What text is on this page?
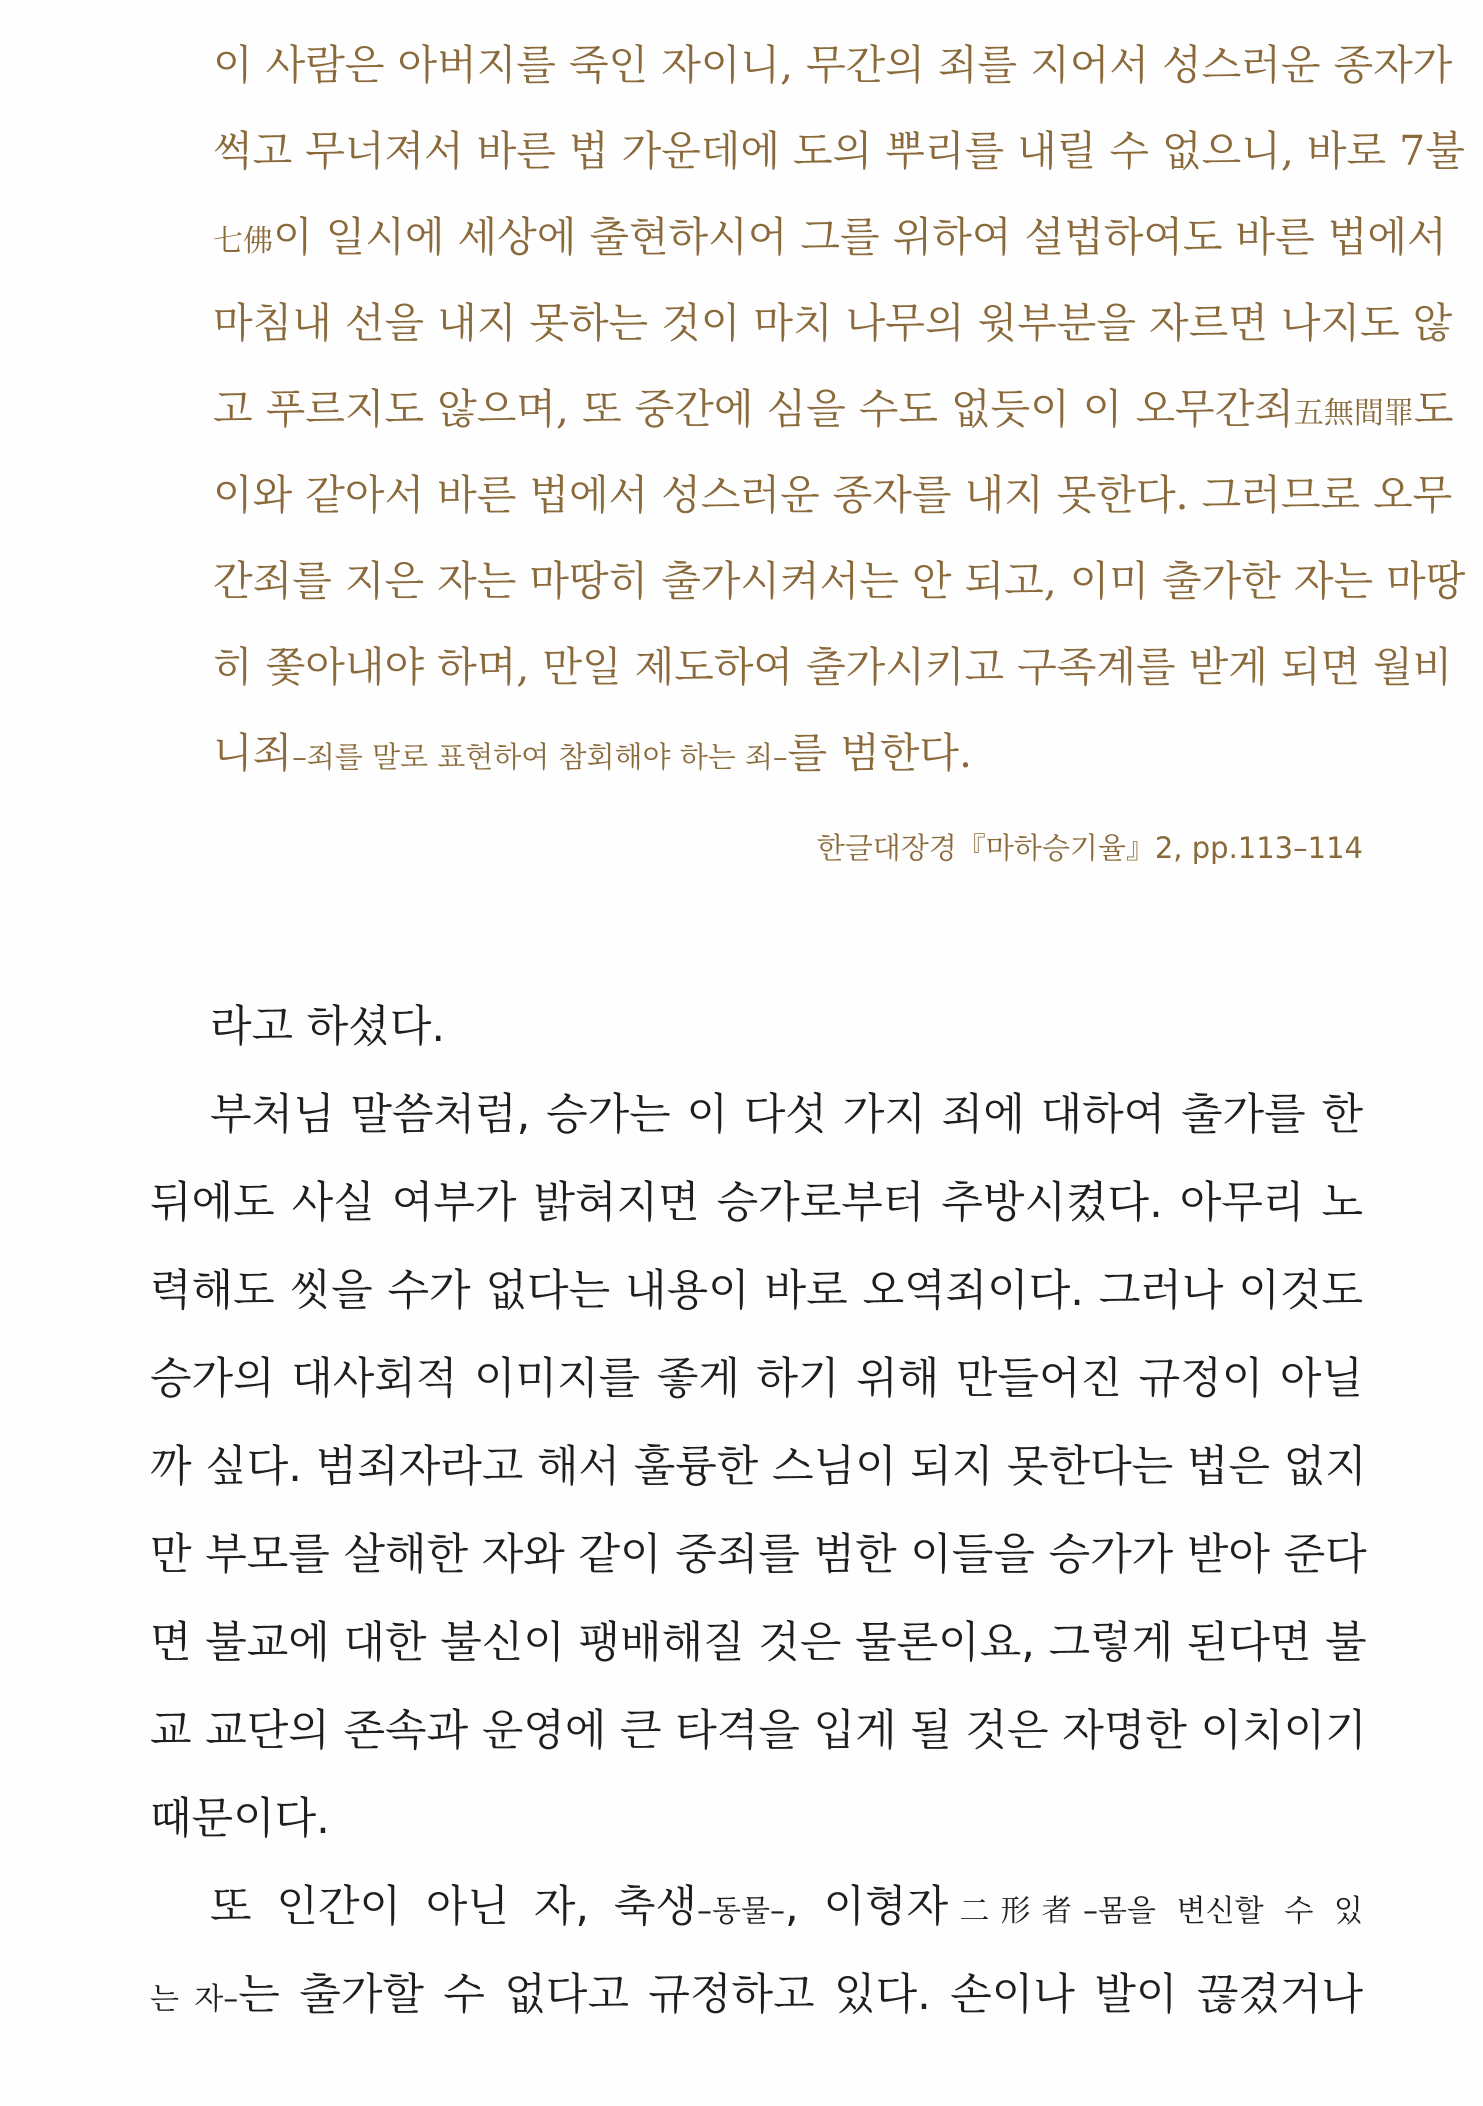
이 사람은 아버지를 죽인 자이니, 무간의 죄를 지어서 성스러운 종자가
썩고 무너져서 바른 법 가운데에 도의 뿌리를 내릴 수 없으니, 바로 7불
七佛이 일시에 세상에 출현하시어 그를 위하여 설법하여도 바른 법에서
마침내 선을 내지 못하는 것이 마치 나무의 윗부분을 자르면 나지도 않
고 푸르지도 않으며, 또 중간에 심을 수도 없듯이 이 오무간죄五無間罪도
이와 같아서 바른 법에서 성스러운 종자를 내지 못한다. 그러므로 오무
간죄를 지은 자는 마땅히 출가시켜서는 안 되고, 이미 출가한 자는 마땅
히 쫓아내야 하며, 만일 제도하여 출가시키고 구족계를 받게 되면 월비
니죄–죄를 말로 표현하여 참회해야 하는 죄–를 범한다.
한글대장경『마하승기율』2, pp.113–114
라고 하셨다.
부처님 말씀처럼, 승가는 이 다섯 가지 죄에 대하여 출가를 한
뒤에도 사실 여부가 밝혀지면 승가로부터 추방시켰다. 아무리 노
력해도 씻을 수가 없다는 내용이 바로 오역죄이다. 그러나 이것도
승가의 대사회적 이미지를 좋게 하기 위해 만들어진 규정이 아닐
까 싶다. 범죄자라고 해서 훌륭한 스님이 되지 못한다는 법은 없지
만 부모를 살해한 자와 같이 중죄를 범한 이들을 승가가 받아 준다
면 불교에 대한 불신이 팽배해질 것은 물론이요, 그렇게 된다면 불
교 교단의 존속과 운영에 큰 타격을 입게 될 것은 자명한 이치이기
때문이다.
또 인간이 아닌 자, 축생–동물–, 이형자二形者–몸을 변신할 수 있
는 자–는 출가할 수 없다고 규정하고 있다. 손이나 발이 끊겼거나
